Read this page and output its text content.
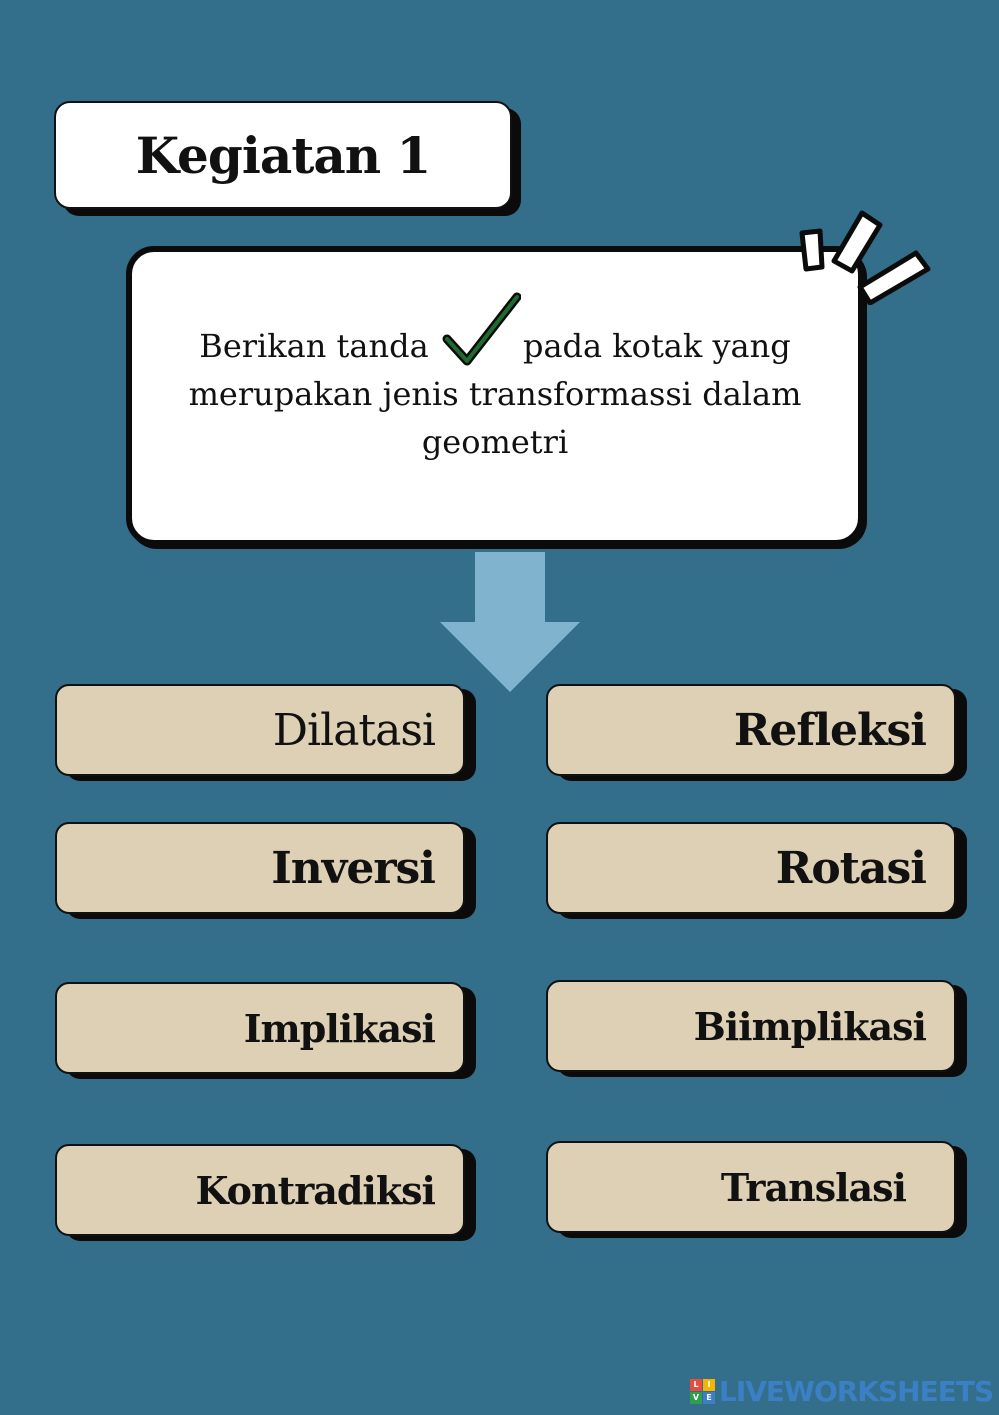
Kegiatan 1
Berikan tanda	pada kotak yang
merupakan jenis transformassi dalam
geometri
Dilatasi	Refleksi
Inversi	Rotasi
Implikasi	Biimplikasi
Kontradiksi	Translasi
L	I
V E LIVEWORKSHEETS
